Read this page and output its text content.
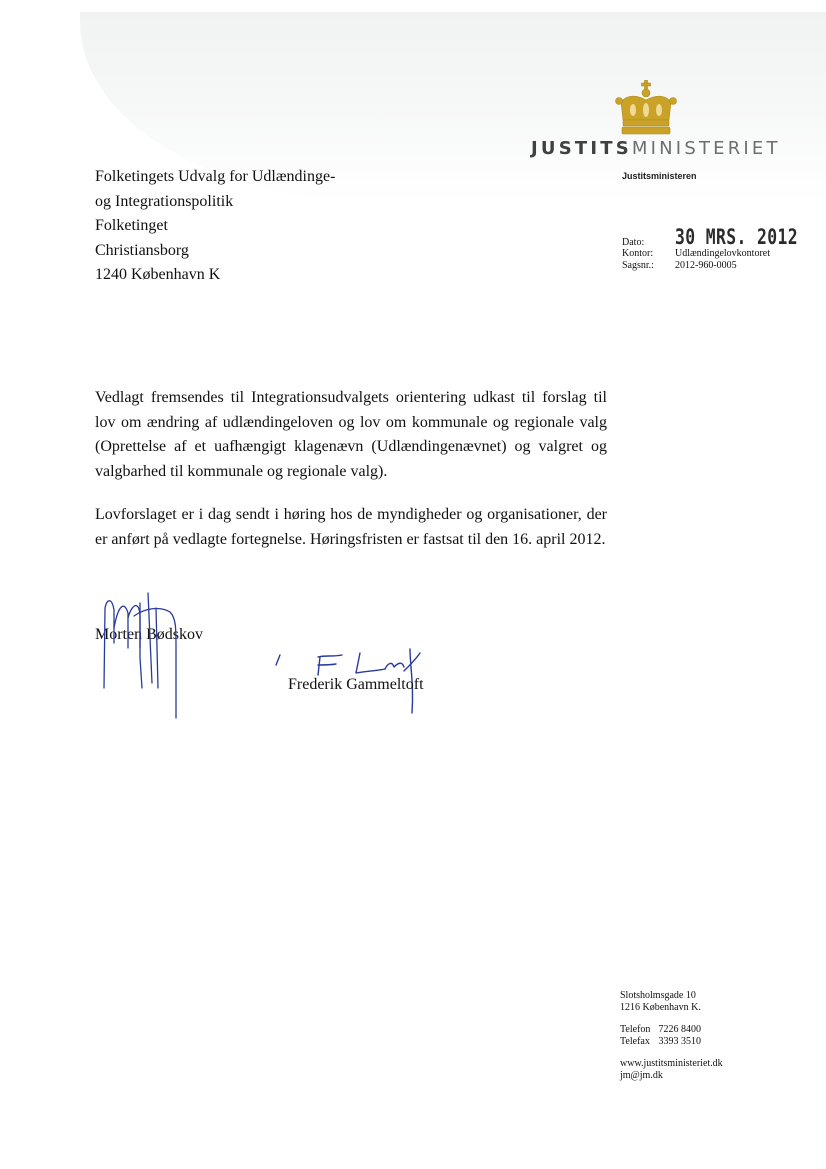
JUSTITSMINISTERIET
Justitsministeren
Folketingets Udvalg for Udlændinge-
og Integrationspolitik
Folketinget
Christiansborg
1240 København K
Dato:	30 MRS. 2012
Kontor:	Udlændingelovkontoret
Sagsnr.:	2012-960-0005

Vedlagt fremsendes til Integrationsudvalgets orientering udkast til forslag til lov om ændring af udlændingeloven og lov om kommunale og regionale valg (Oprettelse af et uafhængigt klagenævn (Udlændingenævnet) og valgret og valgbarhed til kommunale og regionale valg).

Lovforslaget er i dag sendt i høring hos de myndigheder og organisationer, der er anført på vedlagte fortegnelse. Høringsfristen er fastsat til den 16. april 2012.

Morten Bødskov
Frederik Gammeltoft
Slotsholmsgade 10
1216 København K.
Telefon 7226 8400
Telefax 3393 3510
www.justitsministeriet.dk
jm@jm.dk
